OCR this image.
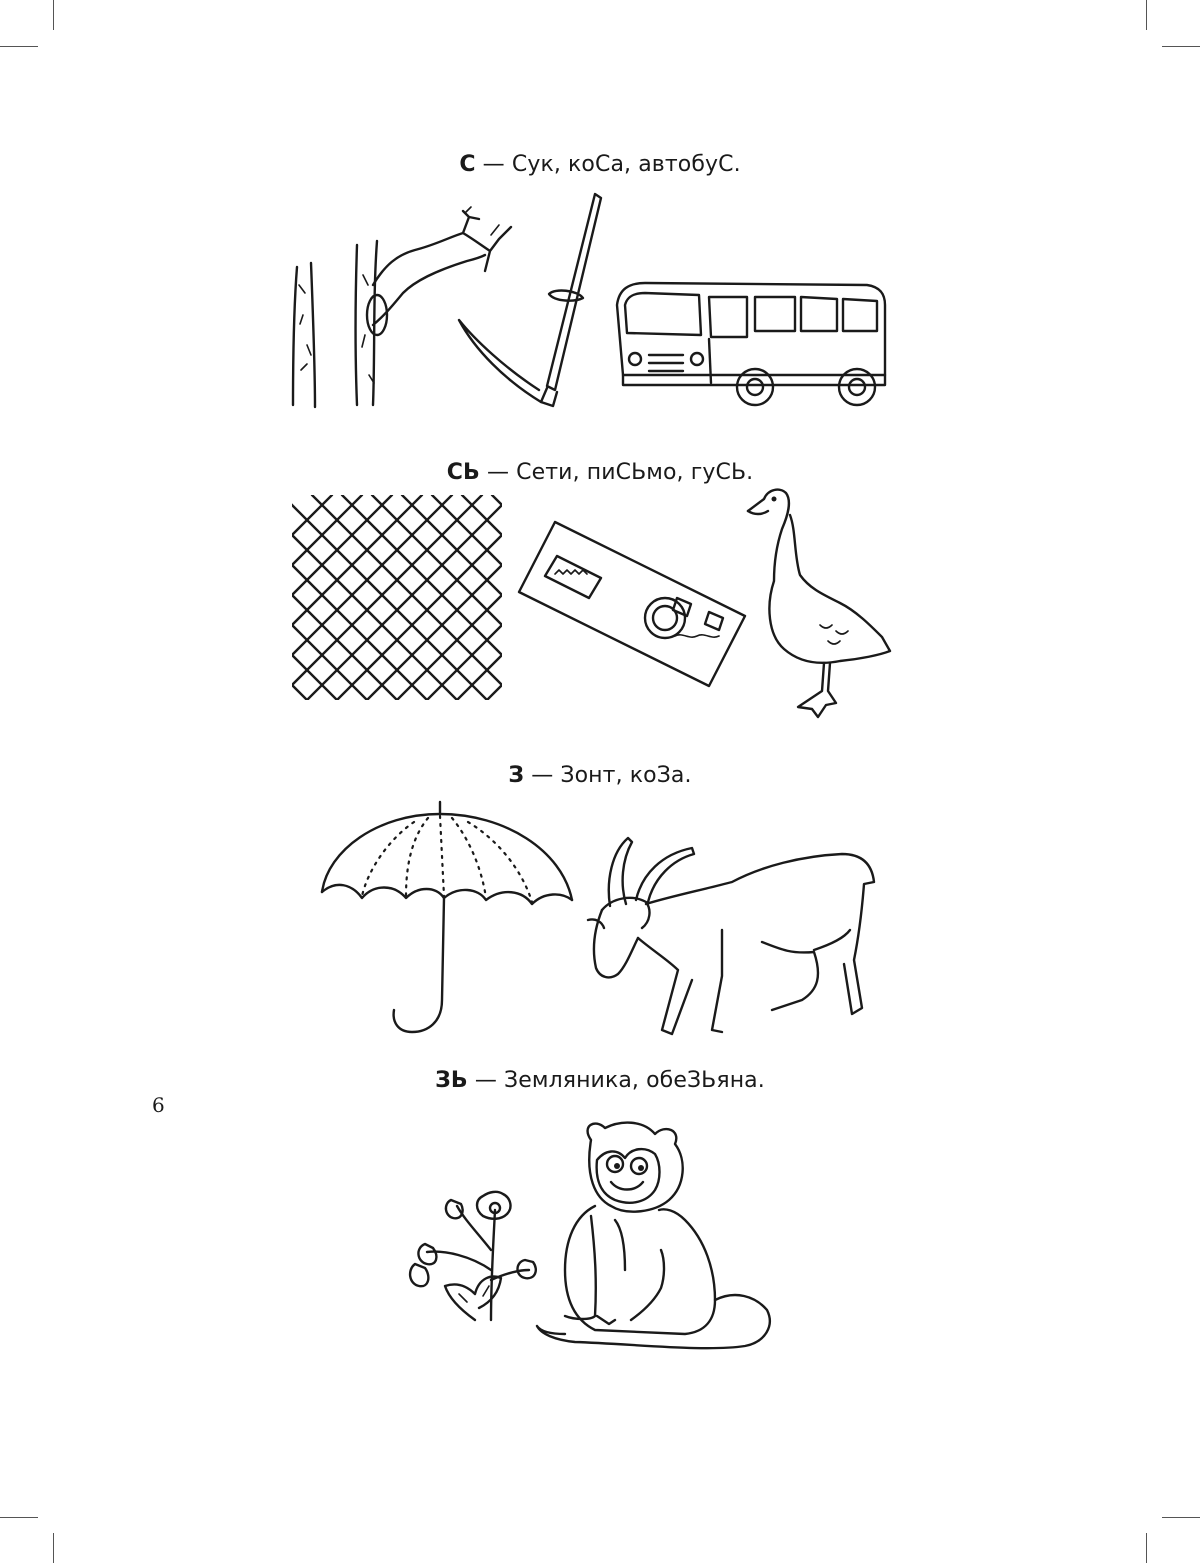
С — Сук, коСа, автобуС.
СЬ — Сети, пиСЬмо, гуСЬ.
З — Зонт, коЗа.
ЗЬ — Земляника, обеЗЬяна.
6
